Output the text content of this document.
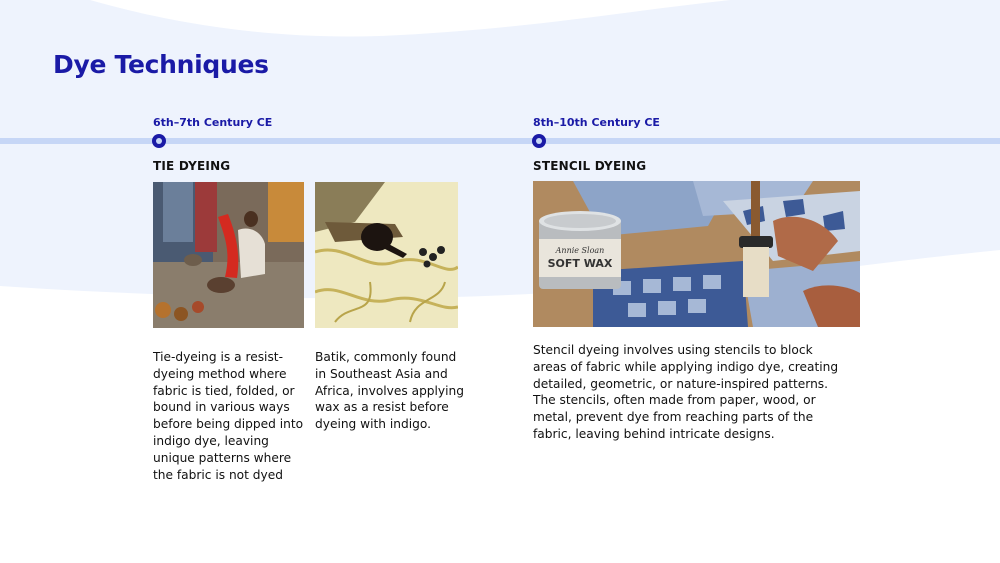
Dye Techniques
6th–7th Century CE
TIE DYEING

Tie-dyeing is a resist-dyeing method where fabric is tied, folded, or bound in various ways before being dipped into indigo dye, leaving unique patterns where the fabric is not dyed

Batik, commonly found in Southeast Asia and Africa, involves applying wax as a resist before dyeing with indigo.

8th–10th Century CE
STENCIL DYEING
Annie Sloan
SOFT WAX

Stencil dyeing involves using stencils to block areas of fabric while applying indigo dye, creating detailed, geometric, or nature-inspired patterns. The stencils, often made from paper, wood, or metal, prevent dye from reaching parts of the fabric, leaving behind intricate designs.
